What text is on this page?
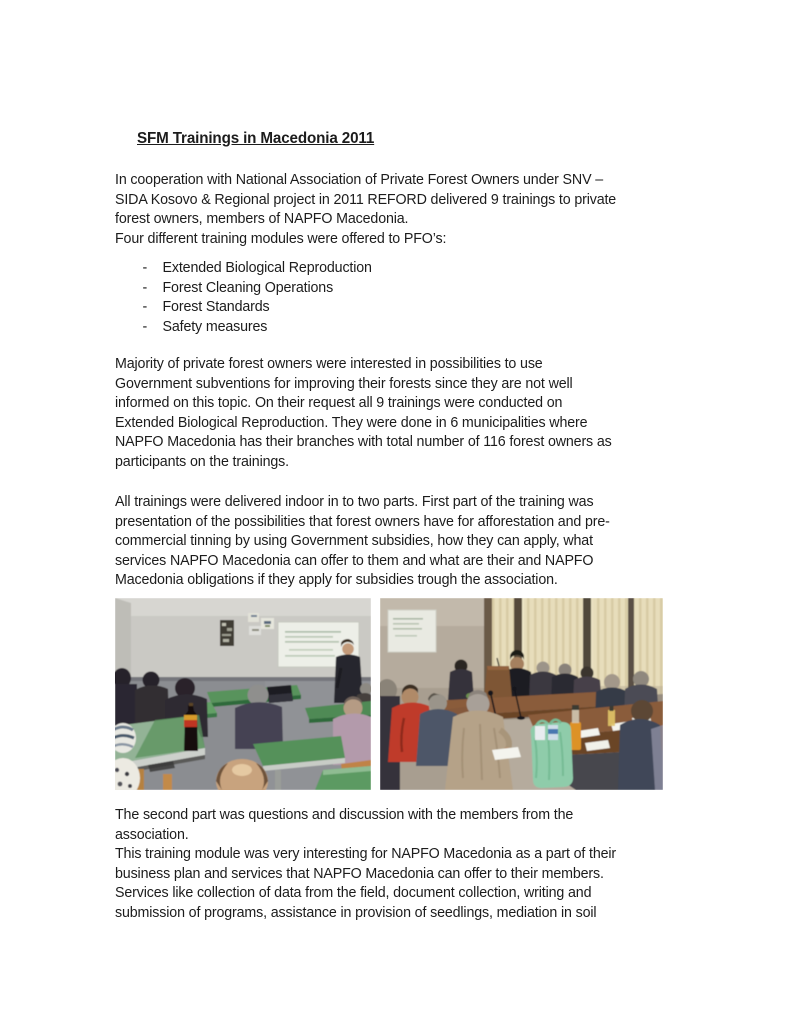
SFM Trainings in Macedonia 2011
In cooperation with National Association of Private Forest Owners under SNV –
SIDA Kosovo & Regional project in 2011 REFORD delivered 9 trainings to private
forest owners, members of NAPFO Macedonia.
Four different training modules were offered to PFO’s:
- Extended Biological Reproduction
- Forest Cleaning Operations
- Forest Standards
- Safety measures
Majority of private forest owners were interested in possibilities to use
Government subventions for improving their forests since they are not well
informed on this topic. On their request all 9 trainings were conducted on
Extended Biological Reproduction. They were done in 6 municipalities where
NAPFO Macedonia has their branches with total number of 116 forest owners as
participants on the trainings.
All trainings were delivered indoor in to two parts. First part of the training was
presentation of the possibilities that forest owners have for afforestation and pre-
commercial tinning by using Government subsidies, how they can apply, what
services NAPFO Macedonia can offer to them and what are their and NAPFO
Macedonia obligations if they apply for subsidies trough the association.
The second part was questions and discussion with the members from the
association.
This training module was very interesting for NAPFO Macedonia as a part of their
business plan and services that NAPFO Macedonia can offer to their members.
Services like collection of data from the field, document collection, writing and
submission of programs, assistance in provision of seedlings, mediation in soil
